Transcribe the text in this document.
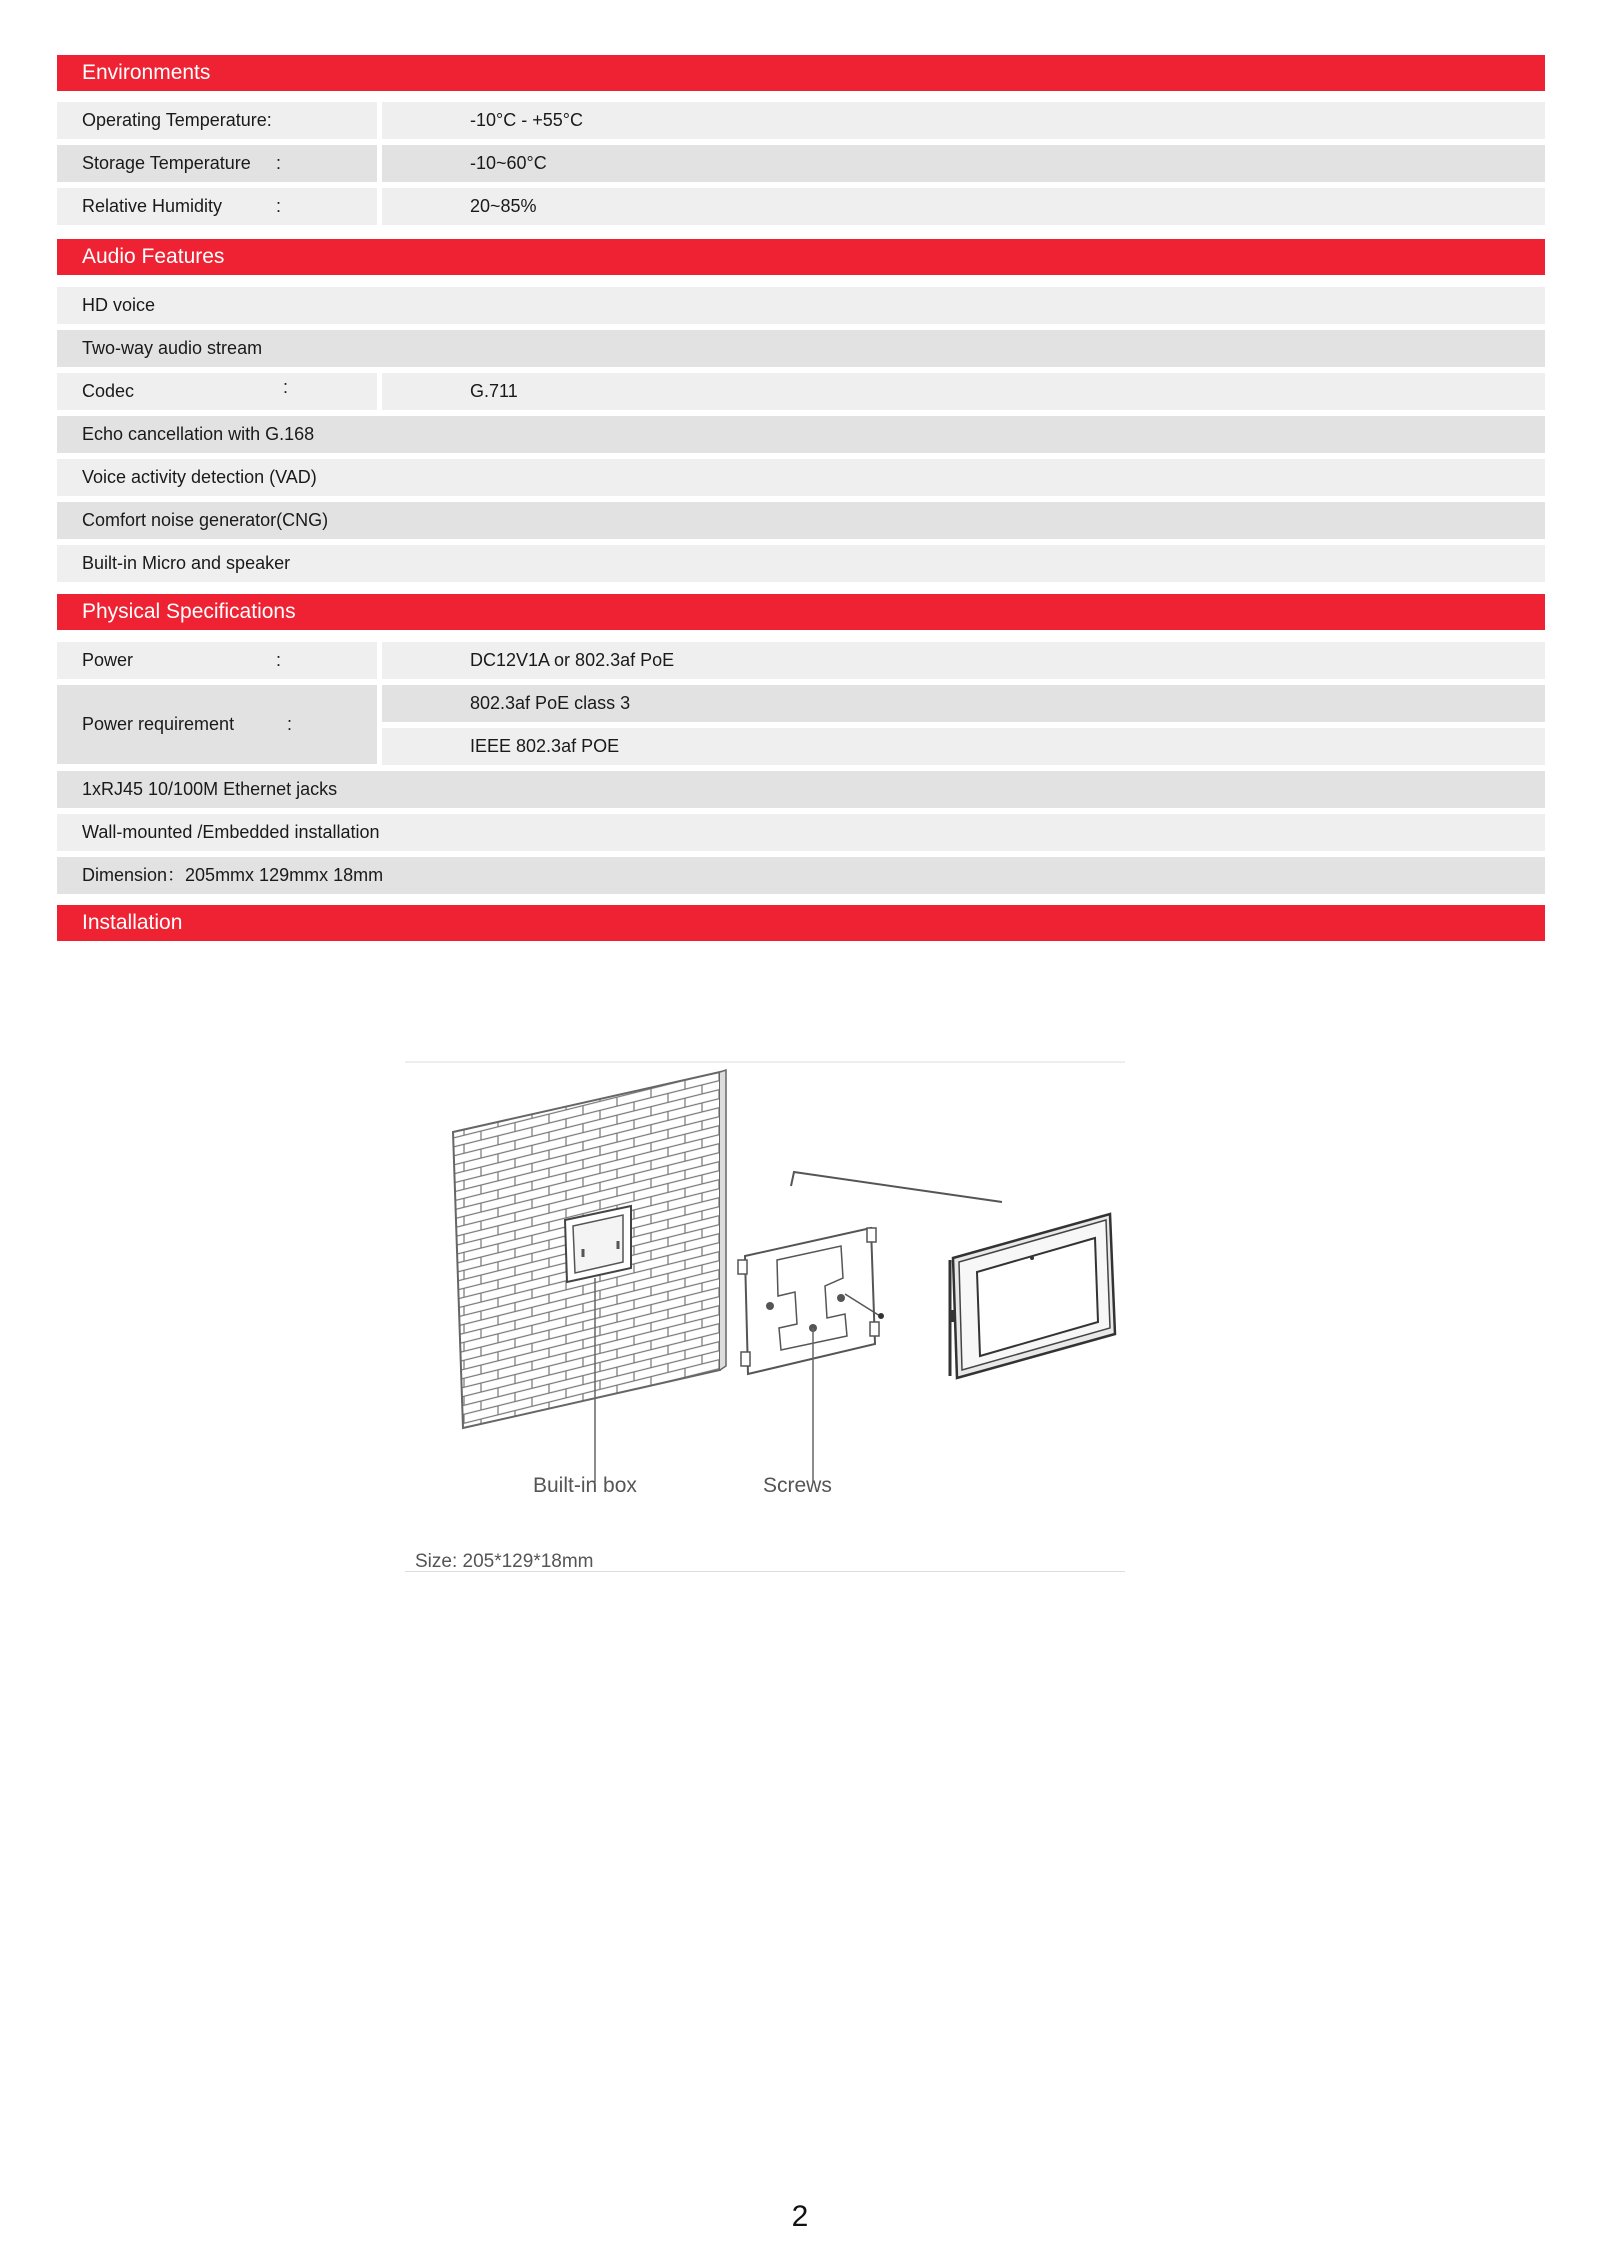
Environments
Operating Temperature:	-10°C - +55°C
Storage Temperature :	-10~60°C
Relative Humidity	:	20~85%
Audio Features
HD voice
Two-way audio stream
Codec	:	G.711
Echo cancellation with G.168
Voice activity detection (VAD)
Comfort noise generator(CNG)
Built-in Micro and speaker
Physical Specifications
Power	:	DC12V1A or 802.3af PoE
Power requirement	:
802.3af PoE class 3
IEEE 802.3af POE
1xRJ45 10/100M Ethernet jacks
Wall-mounted /Embedded installation
Dimension：205mmx 129mmx 18mm
Installation
Built-in box	Screws
Size: 205*129*18mm
2
